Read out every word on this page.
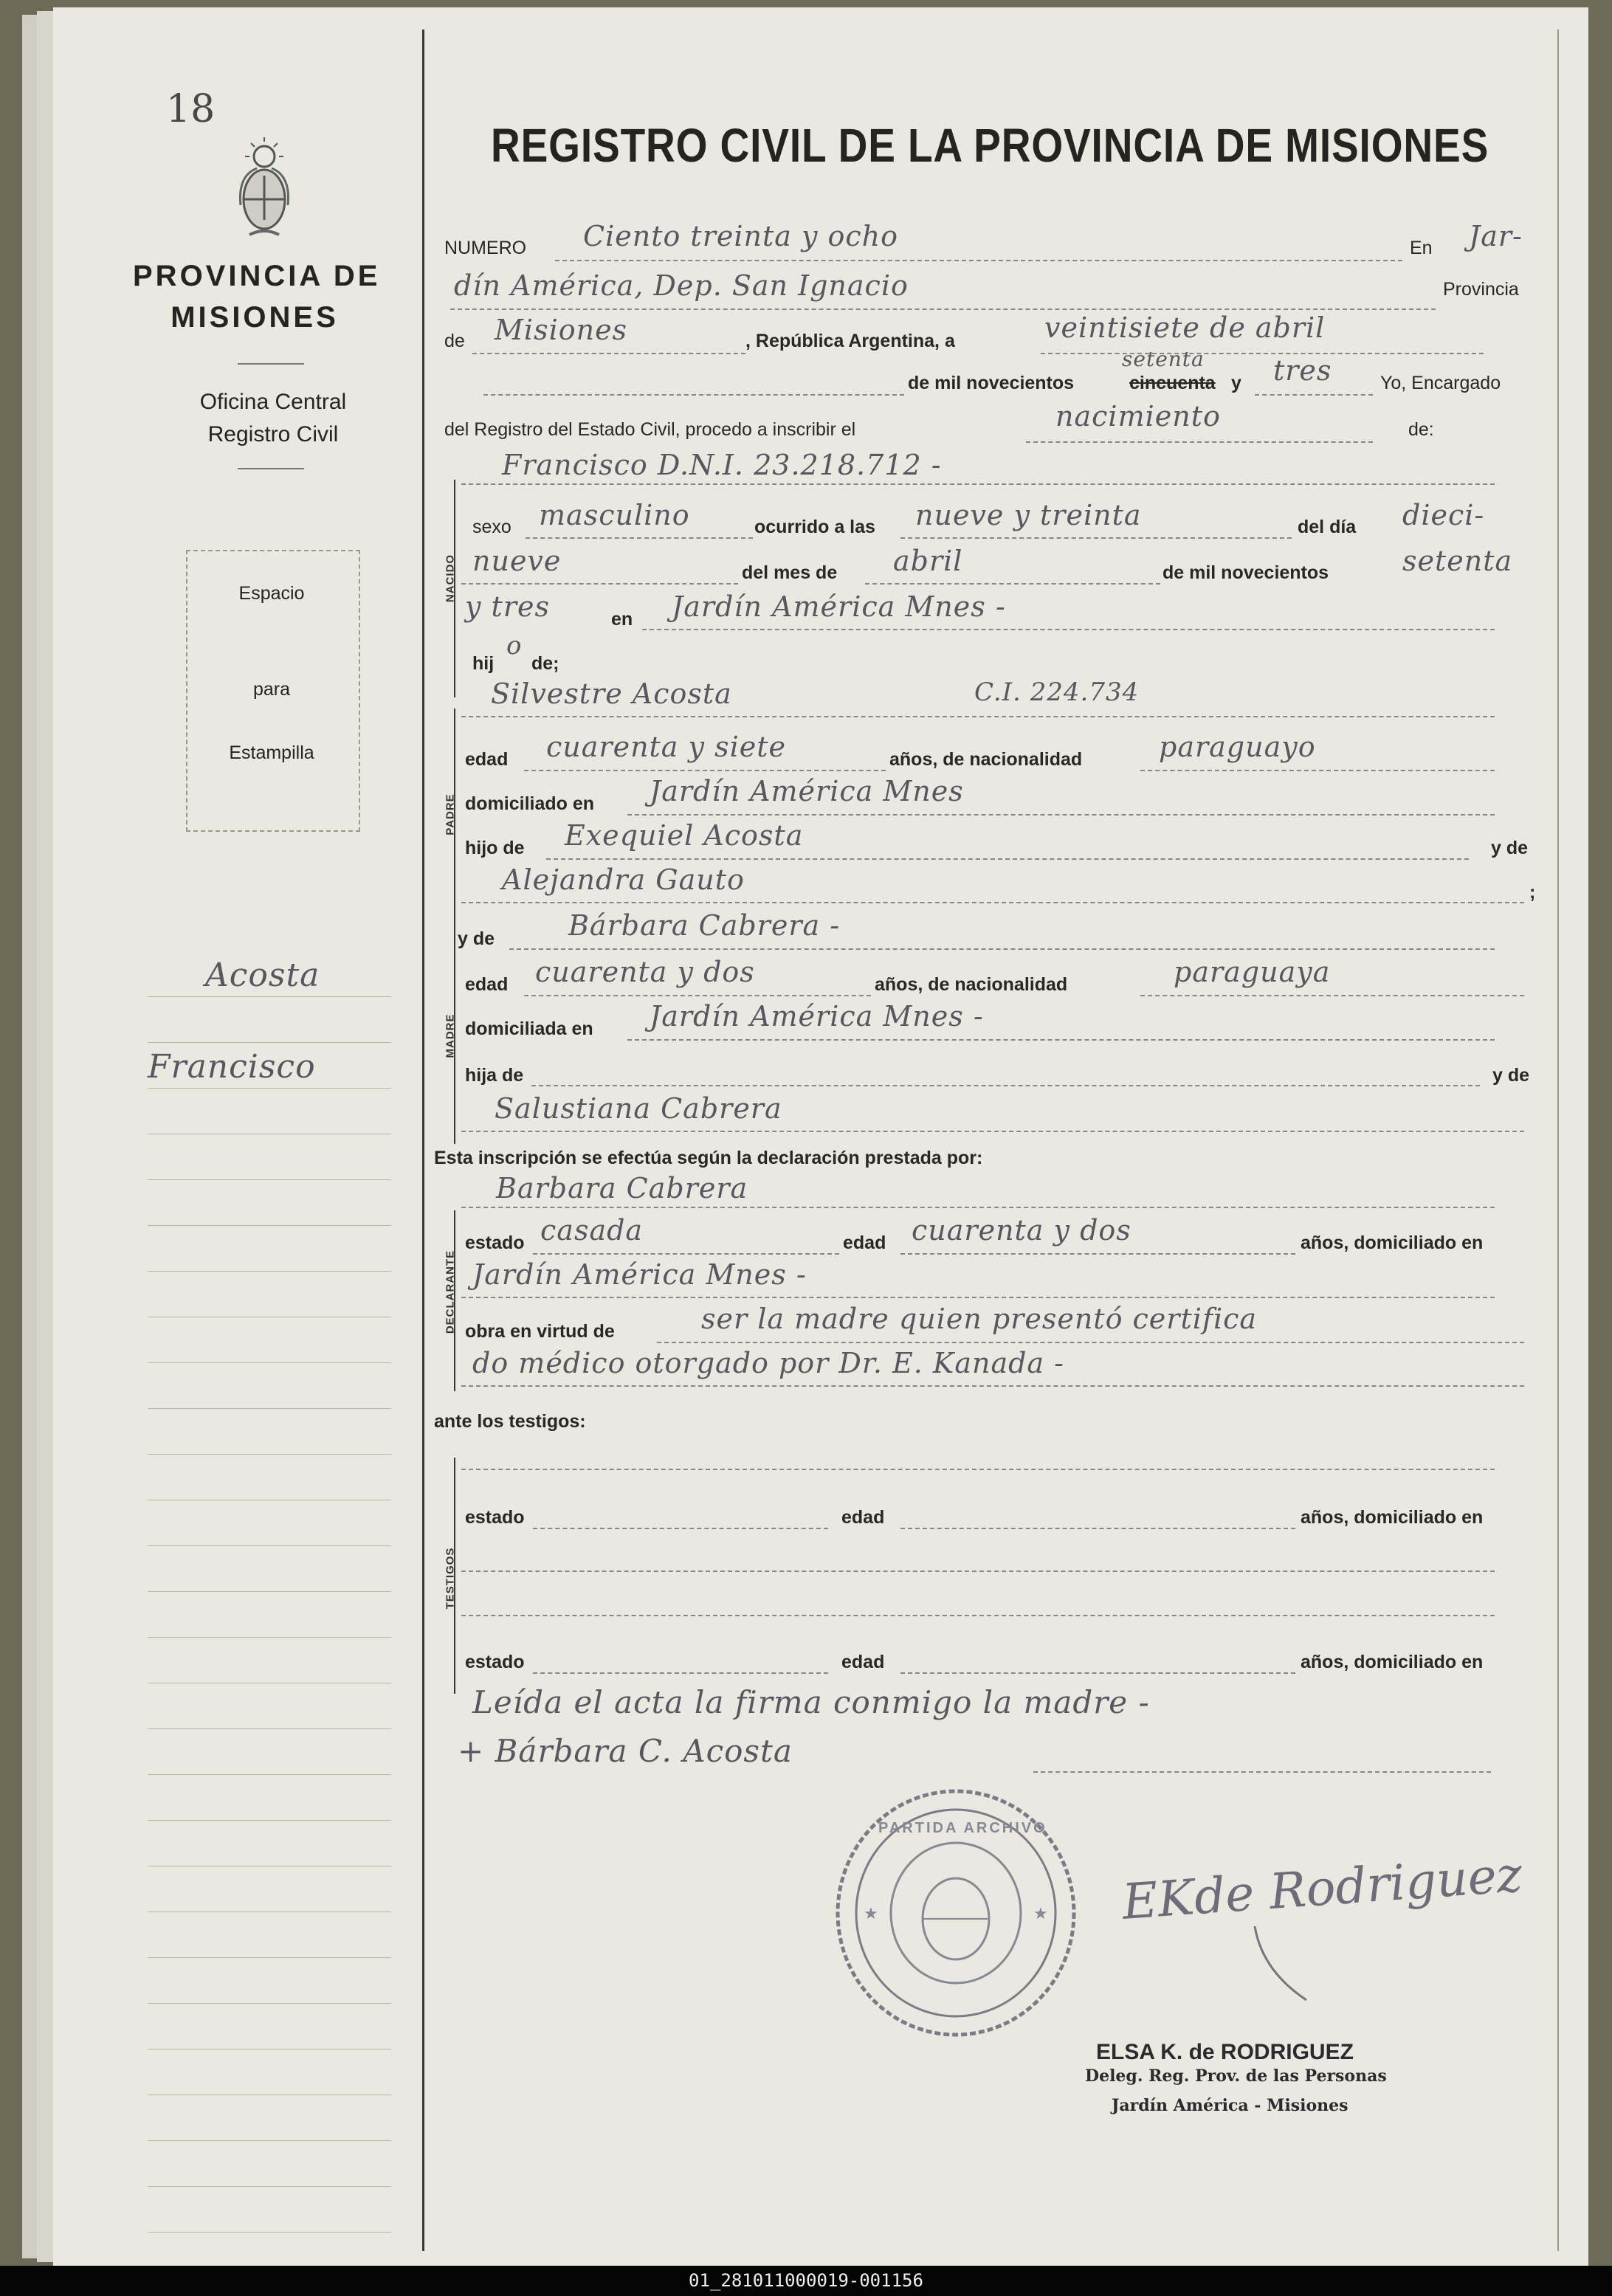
18
PROVINCIA DE
MISIONES
Oficina Central
Registro Civil
Espacio
para
Estampilla
Acosta
Francisco
REGISTRO CIVIL DE LA PROVINCIA DE MISIONES
NUMERO Ciento treinta y ocho	En Jar-
dín América, Dep. San Ignacio	Provincia
de Misiones	, República Argentina, a	veintisiete de abril
de mil novecientos	cincuenta
setenta
y tres	Yo, Encargado
del Registro del Estado Civil, procedo a inscribir el	nacimiento	de:
NACIDO
Francisco D.N.I. 23.218.712 -
sexo masculino	ocurrido a las nueve y treinta	del día dieci-
nueve	del mes de abril	de mil novecientos	setenta
y tres	en Jardín América Mnes -
hij
o
de;
PADRE
Silvestre Acosta	C.I. 224.734
edad cuarenta y siete	años, de nacionalidad	paraguayo
domiciliado en Jardín América Mnes
hijo de Exequiel Acosta	y de
Alejandra Gauto	;
MADRE
y de	Bárbara Cabrera -
edad cuarenta y dos	años, de nacionalidad	paraguaya
domiciliada en Jardín América Mnes -
hija de	y de
Salustiana Cabrera
Esta inscripción se efectúa según la declaración prestada por:
DECLARANTE
Barbara Cabrera
estado casada	edad cuarenta y dos	años, domiciliado en
Jardín América Mnes -
obra en virtud de	ser la madre quien presentó certifica
do médico otorgado por Dr. E. Kanada -
ante los testigos:
TESTIGOS
estado	edad	años, domiciliado en
estado	edad	años, domiciliado en
Leída el acta la firma conmigo la madre -
+ Bárbara C. Acosta
★	★
PARTIDA ARCHIVO
EKde Rodriguez
ELSA K. de RODRIGUEZ
Deleg. Reg. Prov. de las Personas
Jardín América - Misiones
01_281011000019-001156
